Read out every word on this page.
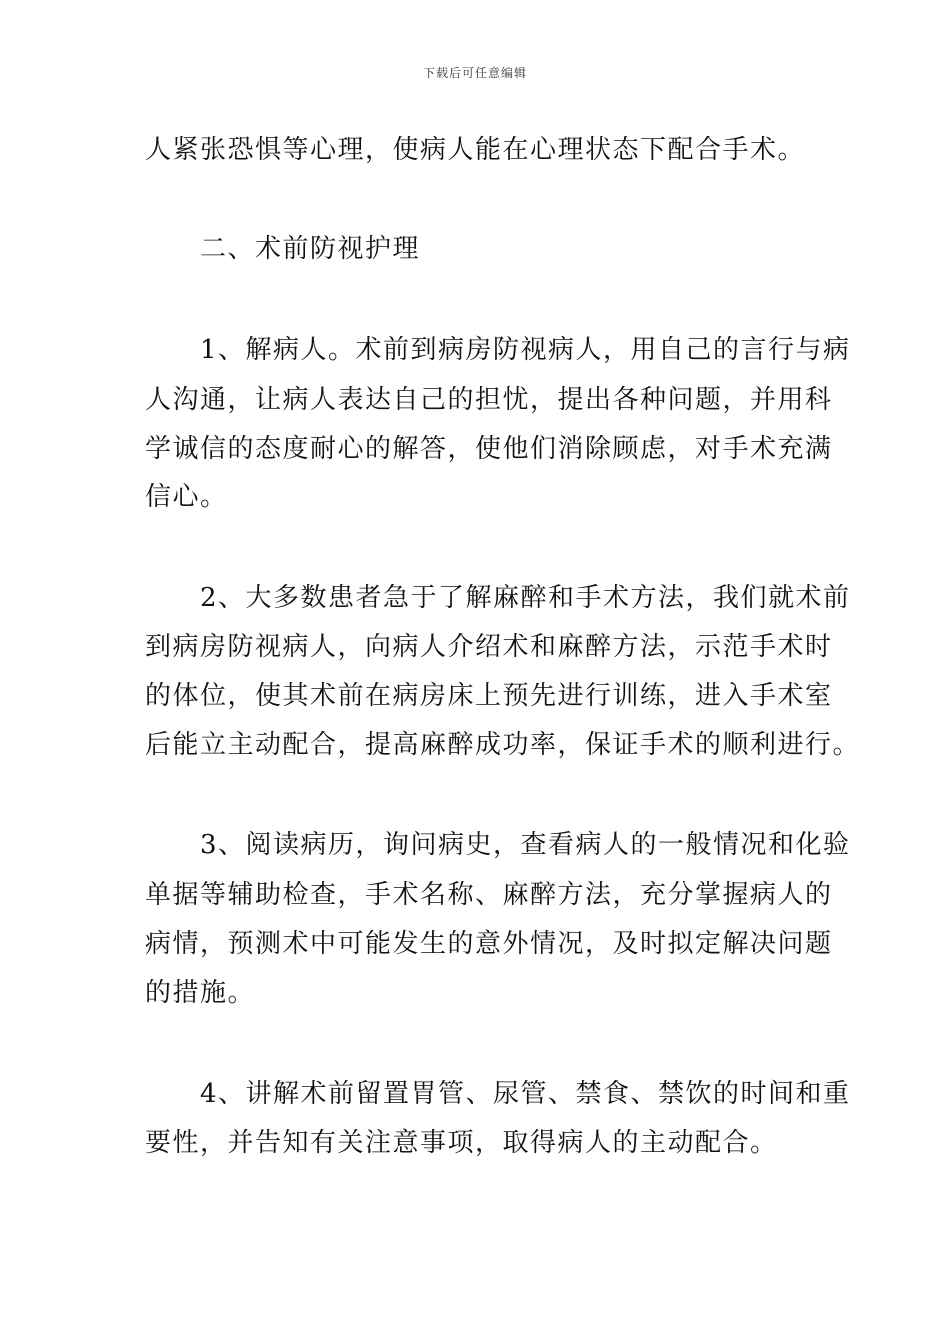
下载后可任意编辑
人紧张恐惧等心理，使病人能在心理状态下配合手术。
　　二、术前防视护理
　　1、解病人。术前到病房防视病人，用自己的言行与病
人沟通，让病人表达自己的担忧，提出各种问题，并用科
学诚信的态度耐心的解答，使他们消除顾虑，对手术充满
信心。
　　2、大多数患者急于了解麻醉和手术方法，我们就术前
到病房防视病人，向病人介绍术和麻醉方法，示范手术时
的体位，使其术前在病房床上预先进行训练，进入手术室
后能立主动配合，提高麻醉成功率，保证手术的顺利进行。
　　3、阅读病历，询问病史，查看病人的一般情况和化验
单据等辅助检查，手术名称、麻醉方法，充分掌握病人的
病情，预测术中可能发生的意外情况，及时拟定解决问题
的措施。
　　4、讲解术前留置胃管、尿管、禁食、禁饮的时间和重
要性，并告知有关注意事项，取得病人的主动配合。
